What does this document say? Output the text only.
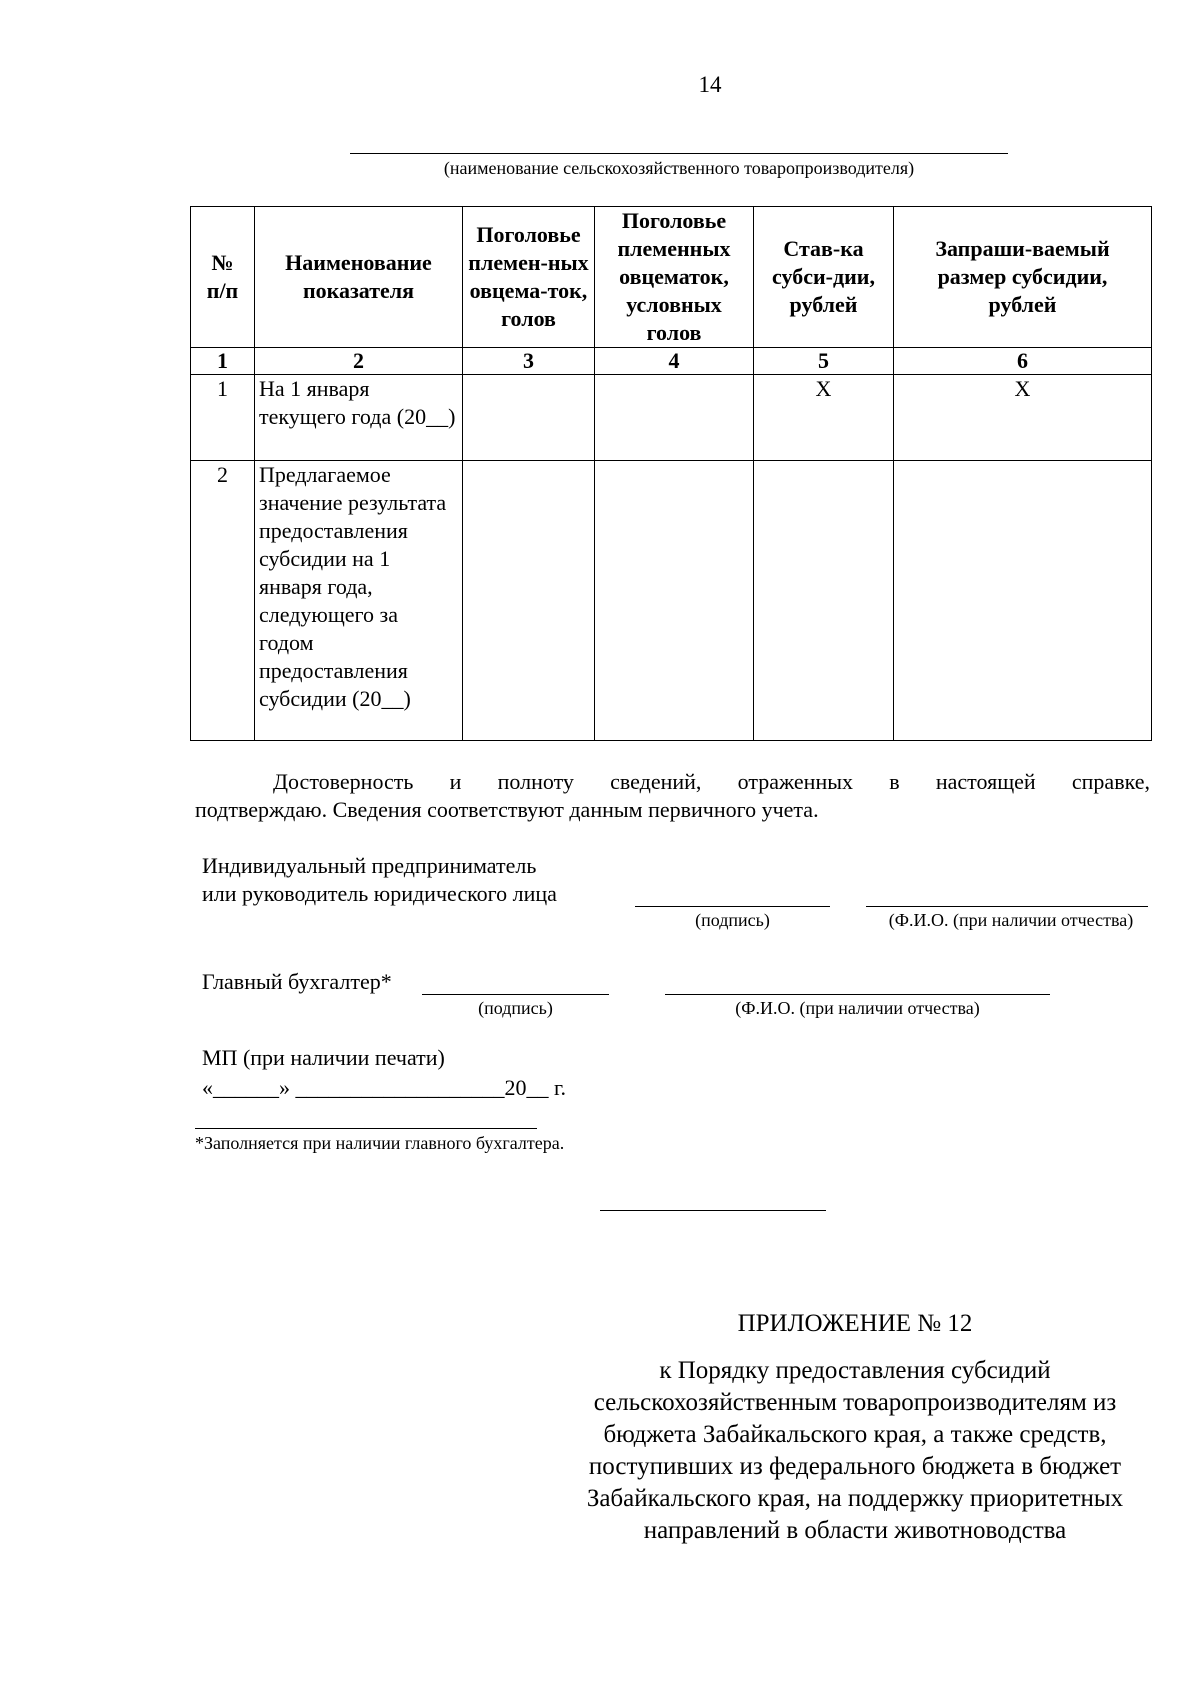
14
(наименование сельскохозяйственного товаропроизводителя)
№ п/п	Наименование показателя	Поголовье племен-ных овцема-ток, голов	Поголовье племенных овцематок, условных голов	Став-ка субси-дии, рублей	Запраши-ваемый размер субсидии, рублей
1	2	3	4	5	6
1	На 1 января текущего года (20__)			Х	Х
2	Предлагаемое значение результата предоставления субсидии на 1 января года, следующего за годом предоставления субсидии (20__)				
Достоверность и полноту сведений, отраженных в настоящей справке,
подтверждаю. Сведения соответствуют данным первичного учета.
Индивидуальный предприниматель
или руководитель юридического лица
(подпись)	(Ф.И.О. (при наличии отчества)
Главный бухгалтер*
(подпись)	(Ф.И.О. (при наличии отчества)
МП (при наличии печати)
«______» ___________________20__ г.
*Заполняется при наличии главного бухгалтера.
ПРИЛОЖЕНИЕ № 12
к Порядку предоставления субсидий сельскохозяйственным товаропроизводителям из бюджета Забайкальского края, а также средств, поступивших из федерального бюджета в бюджет Забайкальского края, на поддержку приоритетных направлений в области животноводства
